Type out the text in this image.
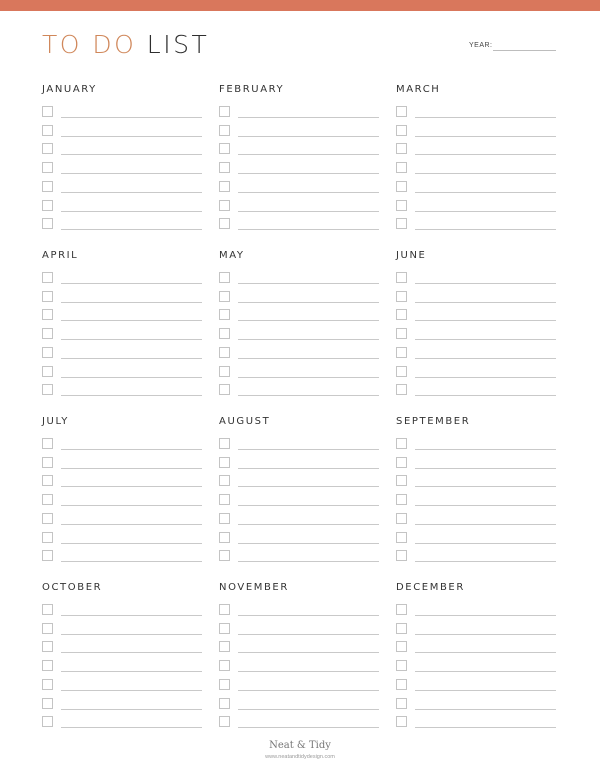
TO DO LIST	YEAR:
JANUARY	FEBRUARY	MARCH
APRIL	MAY	JUNE
JULY	AUGUST	SEPTEMBER
OCTOBER	NOVEMBER	DECEMBER
Neat & Tidy
www.neatandtidydesign.com
